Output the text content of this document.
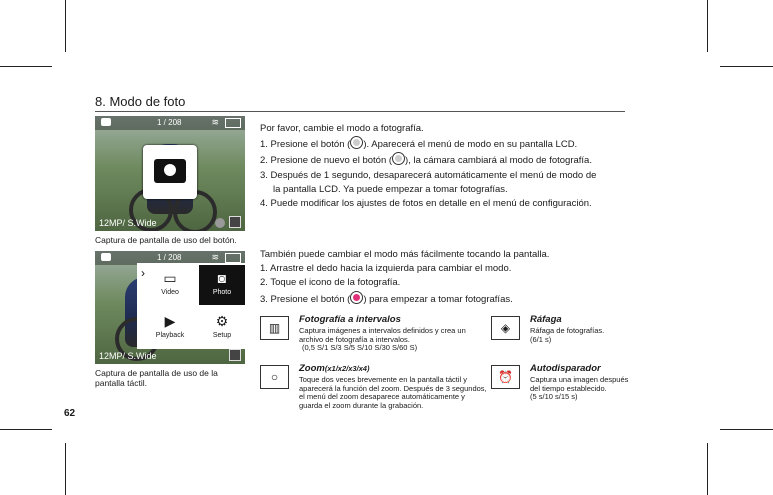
8. Modo de foto
1 / 208	≋
12MP/ S.Wide
Captura de pantalla de uso del botón.
1 / 208	≋
12MP/ S.Wide
▭
Video
◙
Photo
▶
Playback
⚙
Setup
›
Captura de pantalla de uso de la
pantalla táctil.
Por favor, cambie el modo a fotografía.
1. Presione el botón ( ). Aparecerá el menú de modo en su pantalla LCD.
2. Presione de nuevo el botón ( ), la cámara cambiará al modo de fotografía.
3. Después de 1 segundo, desaparecerá automáticamente el menú de modo de
la pantalla LCD. Ya puede empezar a tomar fotografías.
4. Puede modificar los ajustes de fotos en detalle en el menú de configuración.
También puede cambiar el modo más fácilmente tocando la pantalla.
1. Arrastre el dedo hacia la izquierda para cambiar el modo.
2. Toque el icono de la fotografía.
3. Presione el botón ( ) para empezar a tomar fotografías.
▥
Fotografía a intervalos
Captura imágenes a intervalos definidos y crea un
archivo de fotografía a intervalos.
(0,5 S/1 S/3 S/5 S/10 S/30 S/60 S)
◈
Ráfaga
Ráfaga de fotografías.
(6/1 s)
○
Zoom(x1/x2/x3/x4)
Toque dos veces brevemente en la pantalla táctil y
aparecerá la función del zoom. Después de 3 segundos,
el menú del zoom desaparece automáticamente y
guarda el zoom durante la grabación.
⏰
Autodisparador
Captura una imagen después
del tiempo establecido.
(5 s/10 s/15 s)
62
